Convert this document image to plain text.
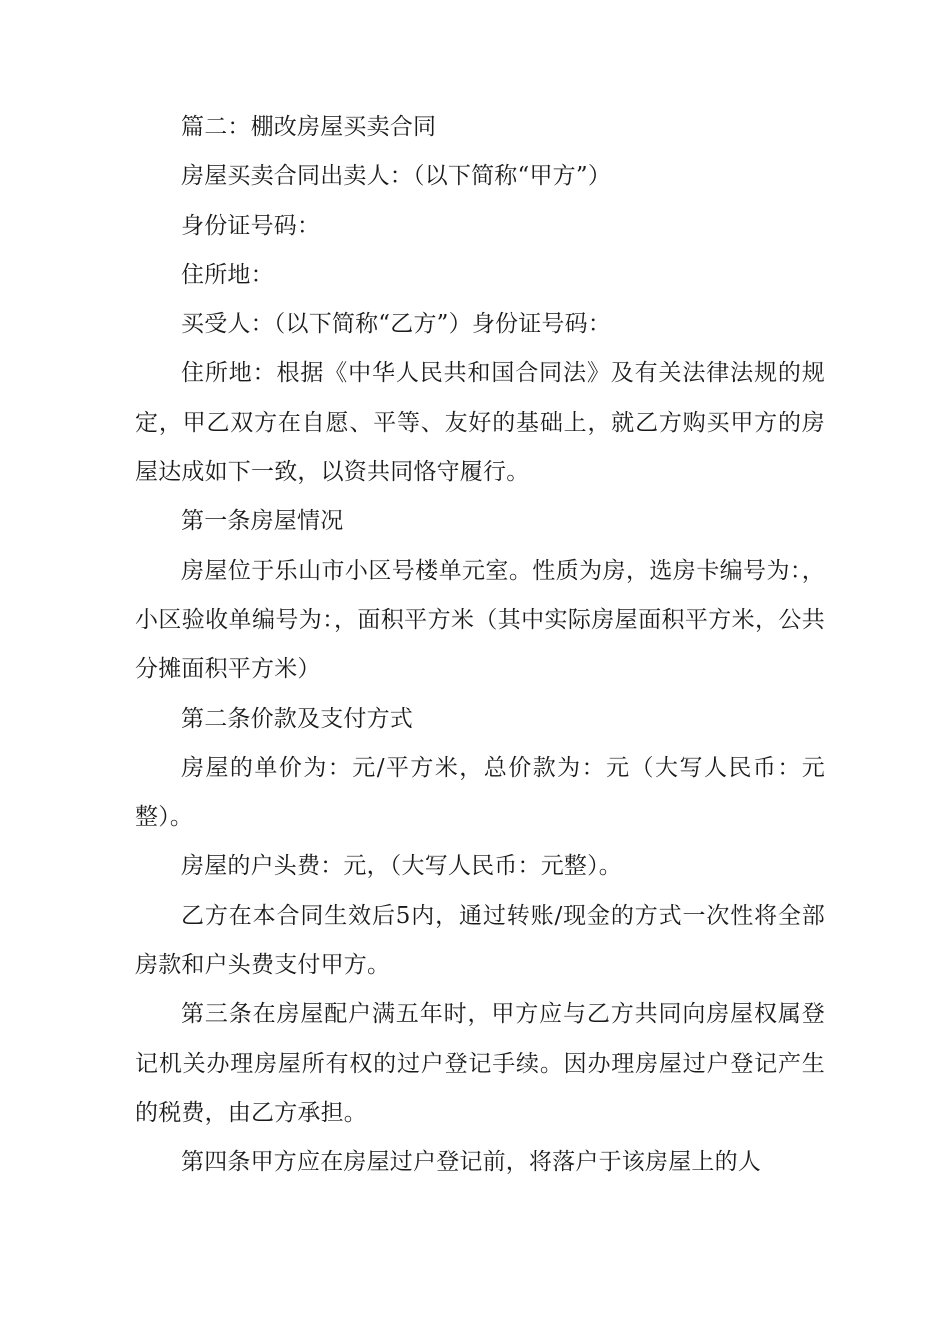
篇二：棚改房屋买卖合同

房屋买卖合同出卖人：（以下简称“甲方”）

身份证号码：

住所地：

买受人：（以下简称“乙方”）身份证号码：

住所地：根据《中华人民共和国合同法》及有关法律法规的规定，甲乙双方在自愿、平等、友好的基础上，就乙方购买甲方的房屋达成如下一致，以资共同恪守履行。

第一条房屋情况

房屋位于乐山市小区号楼单元室。性质为房，选房卡编号为：，小区验收单编号为：，面积平方米（其中实际房屋面积平方米，公共分摊面积平方米）

第二条价款及支付方式

房屋的单价为：元/平方米，总价款为：元（大写人民币：元整）。

房屋的户头费：元，（大写人民币：元整）。

乙方在本合同生效后5内，通过转账/现金的方式一次性将全部房款和户头费支付甲方。

第三条在房屋配户满五年时，甲方应与乙方共同向房屋权属登记机关办理房屋所有权的过户登记手续。因办理房屋过户登记产生的税费，由乙方承担。

第四条甲方应在房屋过户登记前，将落户于该房屋上的人
